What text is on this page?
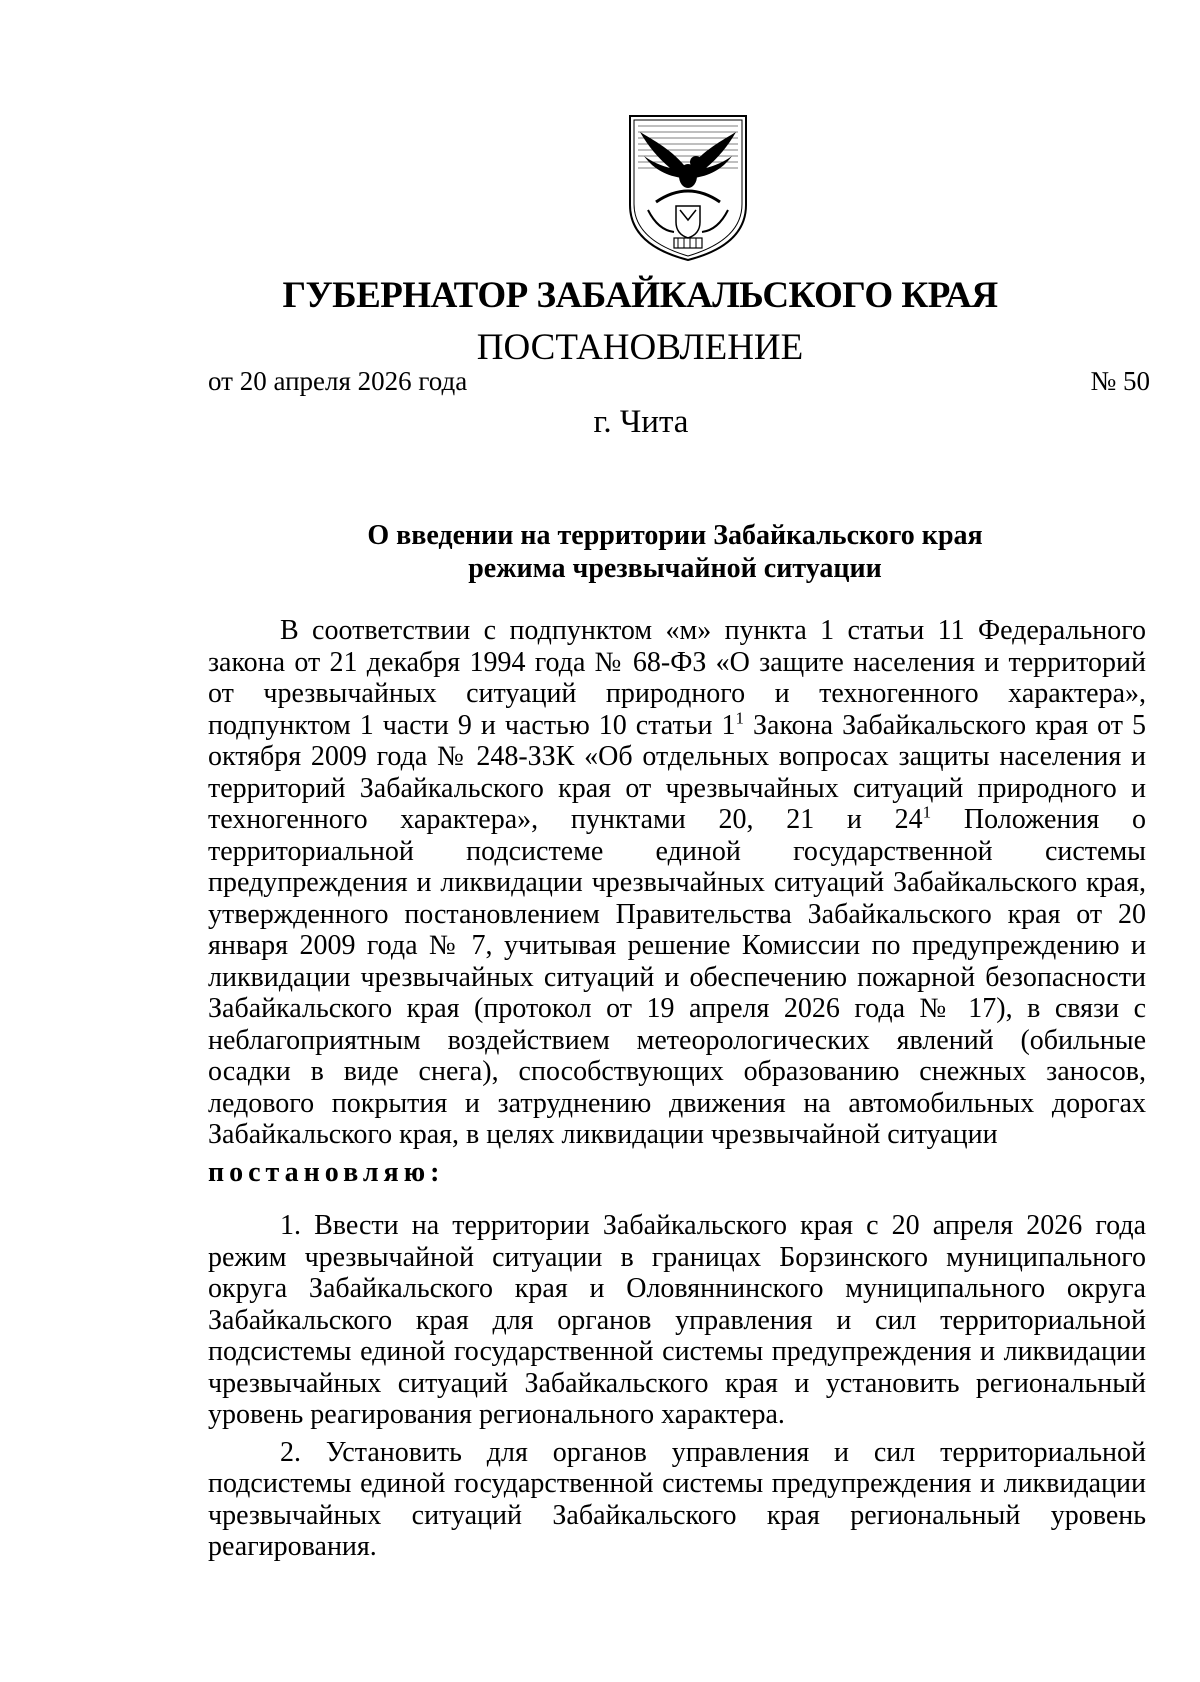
ГУБЕРНАТОР ЗАБАЙКАЛЬСКОГО КРАЯ
ПОСТАНОВЛЕНИЕ
от 20 апреля 2026 года	№ 50
г. Чита
О введении на территории Забайкальского края
режима чрезвычайной ситуации

В соответствии с подпунктом «м» пункта 1 статьи 11 Федерального закона от 21 декабря 1994 года № 68-ФЗ «О защите населения и территорий от чрезвычайных ситуаций природного и техногенного характера», подпунктом 1 части 9 и частью 10 статьи $1^1$ Закона Забайкальского края от 5 октября 2009 года № 248-ЗЗК «Об отдельных вопросах защиты населения и территорий Забайкальского края от чрезвычайных ситуаций природного и техногенного характера», пунктами 20, 21 и $24^1$ Положения о территориальной подсистеме единой государственной системы предупреждения и ликвидации чрезвычайных ситуаций Забайкальского края, утвержденного постановлением Правительства Забайкальского края от 20 января 2009 года № 7, учитывая решение Комиссии по предупреждению и ликвидации чрезвычайных ситуаций и обеспечению пожарной безопасности Забайкальского края (протокол от 19 апреля 2026 года № 17), в связи с неблагоприятным воздействием метеорологических явлений (обильные осадки в виде снега), способствующих образованию снежных заносов, ледового покрытия и затруднению движения на автомобильных дорогах Забайкальского края, в целях ликвидации чрезвычайной ситуации

постановляю:

1. Ввести на территории Забайкальского края с 20 апреля 2026 года режим чрезвычайной ситуации в границах Борзинского муниципального округа Забайкальского края и Оловяннинского муниципального округа Забайкальского края для органов управления и сил территориальной подсистемы единой государственной системы предупреждения и ликвидации чрезвычайных ситуаций Забайкальского края и установить региональный уровень реагирования регионального характера.

2. Установить для органов управления и сил территориальной подсистемы единой государственной системы предупреждения и ликвидации чрезвычайных ситуаций Забайкальского края региональный уровень реагирования.
